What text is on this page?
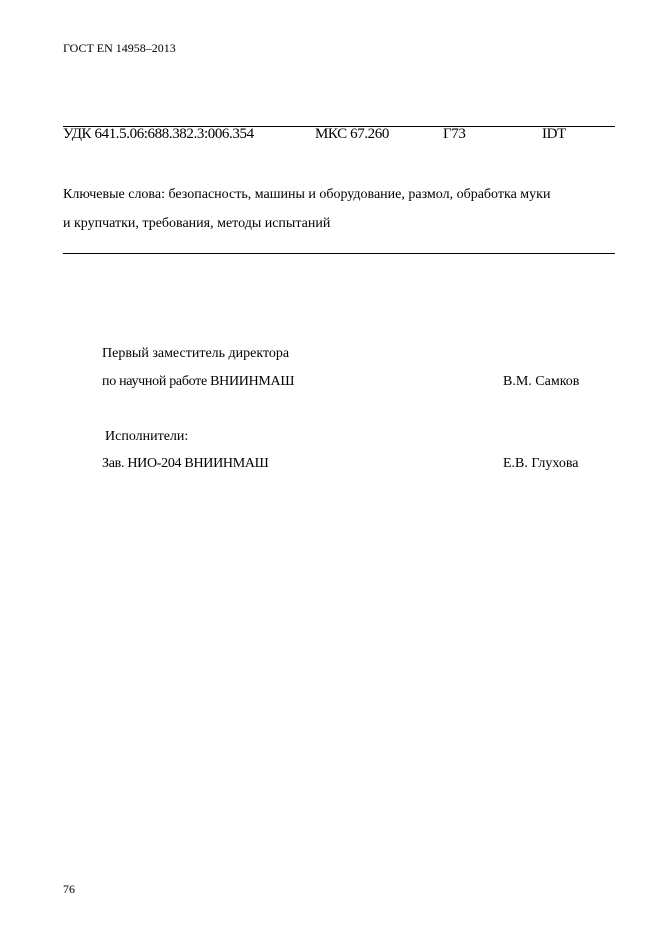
ГОСТ EN 14958–2013
УДК 641.5.06:688.382.3:006.354	МКС 67.260	Г73	IDT
Ключевые слова: безопасность, машины и оборудование, размол, обработка муки
и крупчатки, требования, методы испытаний
Первый заместитель директора
по научной работе ВНИИНМАШ	В.М. Самков
Исполнители:
Зав. НИО-204 ВНИИНМАШ	Е.В. Глухова
76
